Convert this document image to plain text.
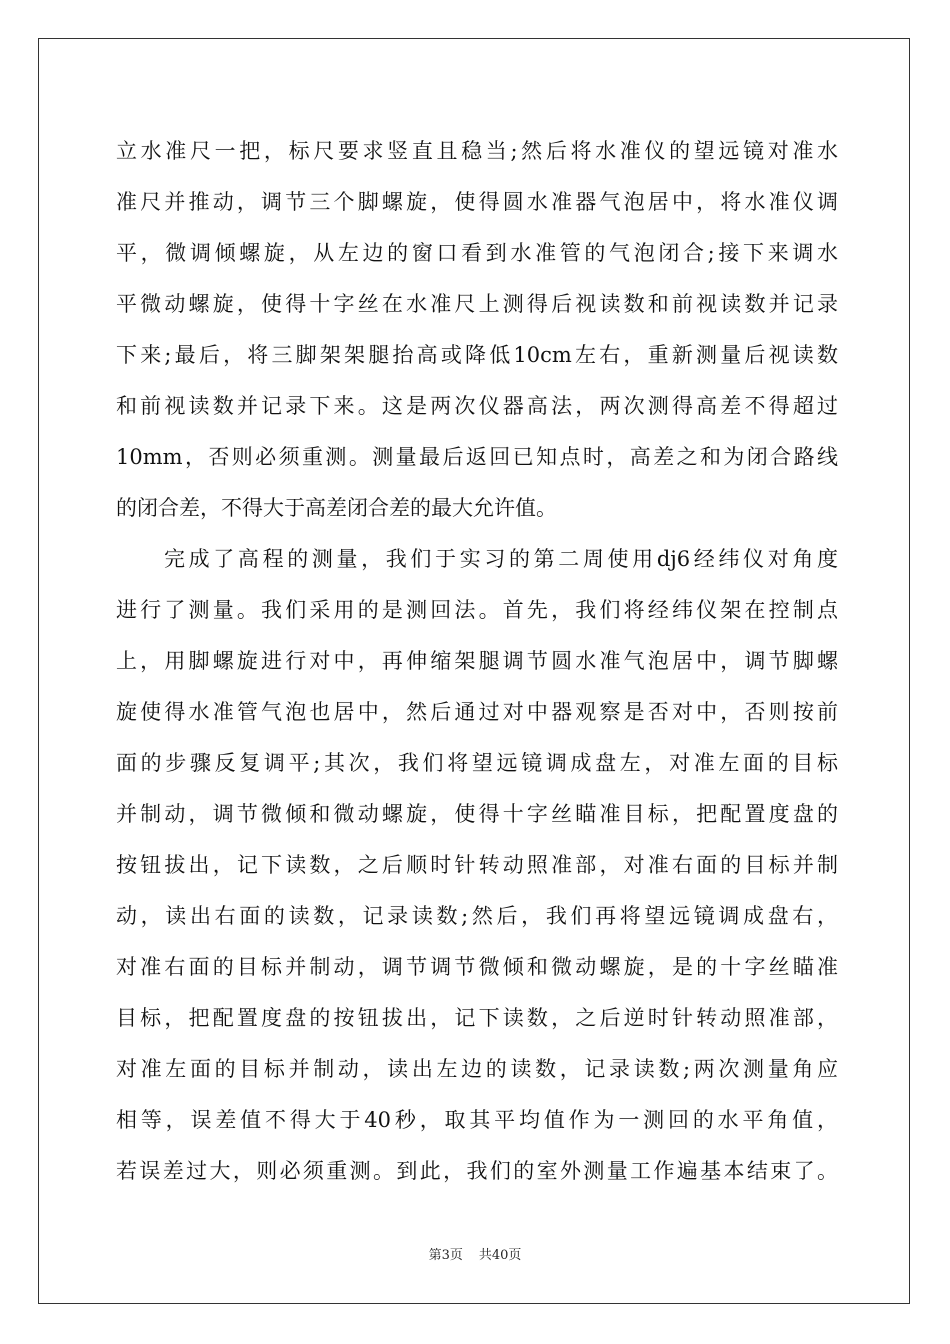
立水准尺一把，标尺要求竖直且稳当;然后将水准仪的望远镜对准水
准尺并推动，调节三个脚螺旋，使得圆水准器气泡居中，将水准仪调
平，微调倾螺旋，从左边的窗口看到水准管的气泡闭合;接下来调水
平微动螺旋，使得十字丝在水准尺上测得后视读数和前视读数并记录
下来;最后，将三脚架架腿抬高或降低10cm左右，重新测量后视读数
和前视读数并记录下来。这是两次仪器高法，两次测得高差不得超过
10mm，否则必须重测。测量最后返回已知点时，高差之和为闭合路线
的闭合差，不得大于高差闭合差的最大允许值。
完成了高程的测量，我们于实习的第二周使用dj6经纬仪对角度
进行了测量。我们采用的是测回法。首先，我们将经纬仪架在控制点
上，用脚螺旋进行对中，再伸缩架腿调节圆水准气泡居中，调节脚螺
旋使得水准管气泡也居中，然后通过对中器观察是否对中，否则按前
面的步骤反复调平;其次，我们将望远镜调成盘左，对准左面的目标
并制动，调节微倾和微动螺旋，使得十字丝瞄准目标，把配置度盘的
按钮拔出，记下读数，之后顺时针转动照准部，对准右面的目标并制
动，读出右面的读数，记录读数;然后，我们再将望远镜调成盘右，
对准右面的目标并制动，调节调节微倾和微动螺旋，是的十字丝瞄准
目标，把配置度盘的按钮拔出，记下读数，之后逆时针转动照准部，
对准左面的目标并制动，读出左边的读数，记录读数;两次测量角应
相等，误差值不得大于40秒，取其平均值作为一测回的水平角值，
若误差过大，则必须重测。到此，我们的室外测量工作遍基本结束了。
第3页 共40页
